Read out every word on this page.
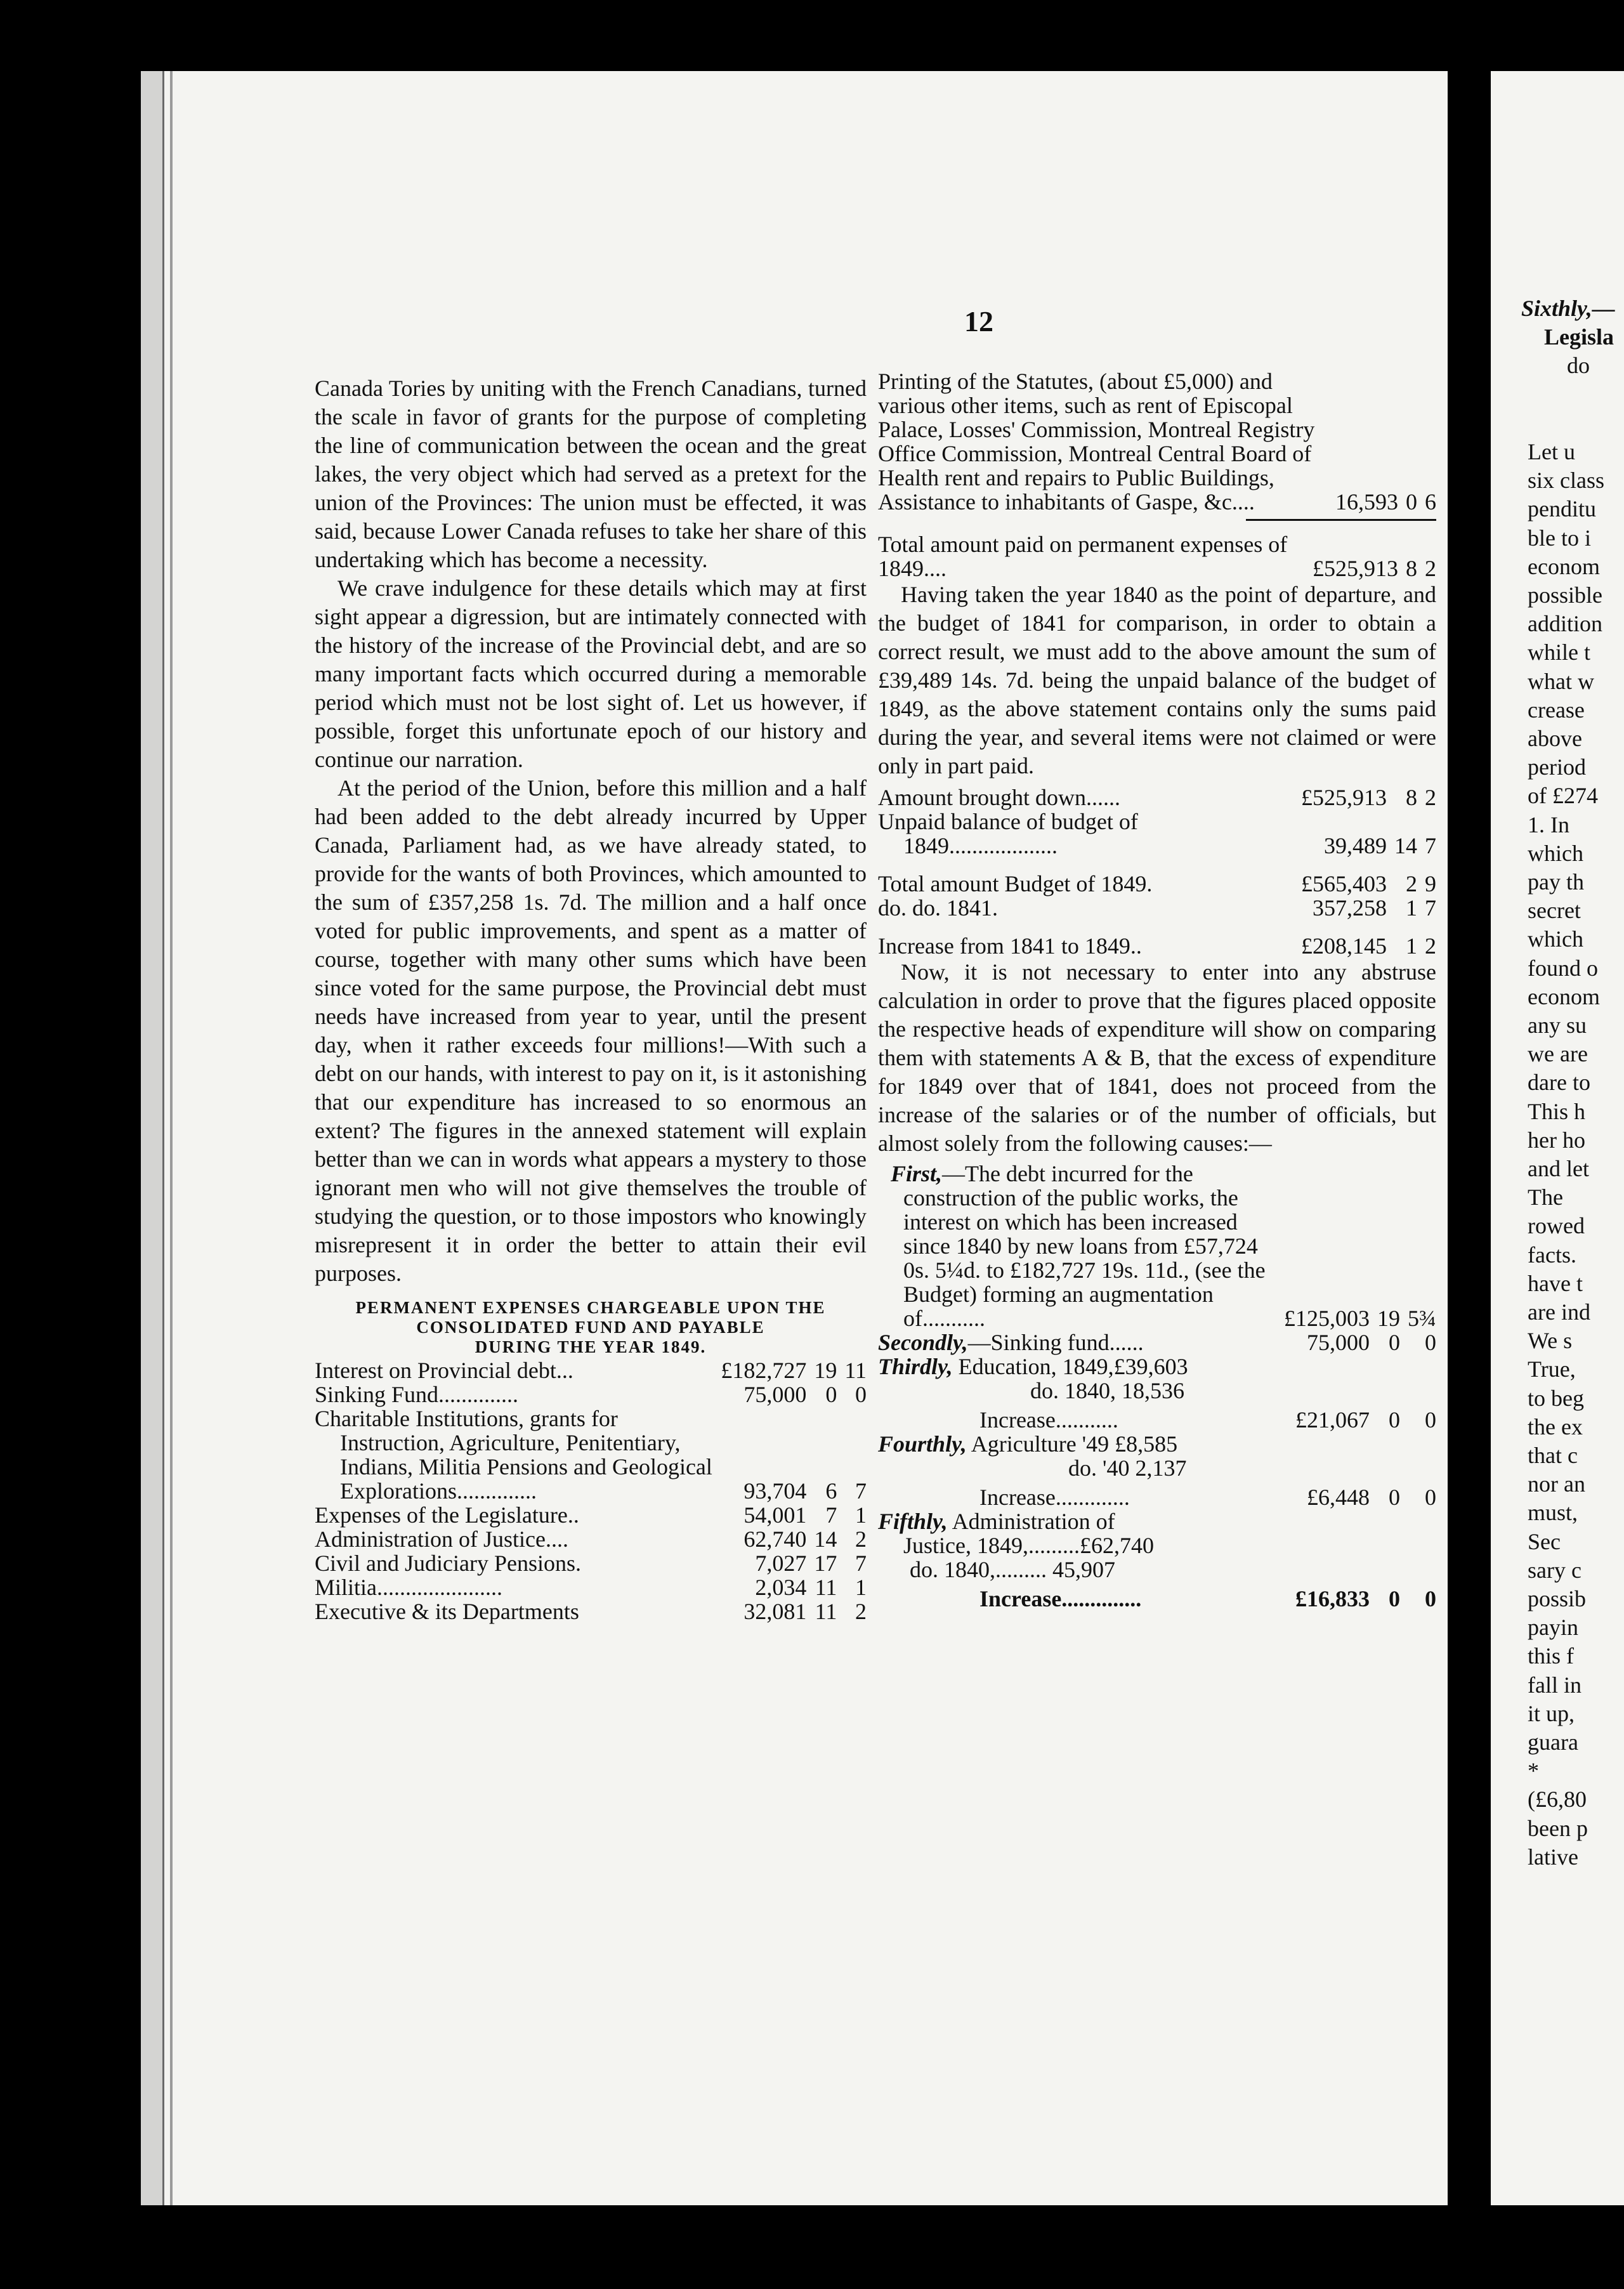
12

Canada Tories by uniting with the French Canadians, turned the scale in favor of grants for the purpose of completing the line of communication between the ocean and the great lakes, the very object which had served as a pretext for the union of the Provinces: The union must be effected, it was said, because Lower Canada refuses to take her share of this undertaking which has become a necessity.

We crave indulgence for these details which may at first sight appear a digression, but are intimately connected with the history of the increase of the Provincial debt, and are so many important facts which occurred during a memorable period which must not be lost sight of. Let us however, if possible, forget this unfortunate epoch of our history and continue our narration.

At the period of the Union, before this million and a half had been added to the debt already incurred by Upper Canada, Parliament had, as we have already stated, to provide for the wants of both Provinces, which amounted to the sum of £357,258 1s. 7d. The million and a half once voted for public improvements, and spent as a matter of course, together with many other sums which have been since voted for the same purpose, the Provincial debt must needs have increased from year to year, until the present day, when it rather exceeds four millions!—With such a debt on our hands, with interest to pay on it, is it astonishing that our expenditure has increased to so enormous an extent? The figures in the annexed statement will explain better than we can in words what appears a mystery to those ignorant men who will not give themselves the trouble of studying the question, or to those impostors who knowingly misrepresent it in order the better to attain their evil purposes.

PERMANENT EXPENSES CHARGEABLE UPON THE
CONSOLIDATED FUND AND PAYABLE
DURING THE YEAR 1849.
Interest on Provincial debt...	£182,727	19	11
Sinking Fund..............	75,000	0	0
Charitable Institutions, grants for Instruction, Agriculture, Penitentiary, Indians, Militia Pensions and Geological Explorations..............	93,704	6	7
Expenses of the Legislature..	54,001	7	1
Administration of Justice....	62,740	14	2
Civil and Judiciary Pensions.	7,027	17	7
Militia......................	2,034	11	1
Executive & its Departments	32,081	11	2
Printing of the Statutes, (about £5,000) and various other items, such as rent of Episcopal Palace, Losses' Commission, Montreal Registry Office Commission, Montreal Central Board of Health rent and repairs to Public Buildings, Assistance to inhabitants of Gaspe, &c....	16,593	0	6
Total amount paid on permanent expenses of 1849....	£525,913	8	2

Having taken the year 1840 as the point of departure, and the budget of 1841 for comparison, in order to obtain a correct result, we must add to the above amount the sum of £39,489 14s. 7d. being the unpaid balance of the budget of 1849, as the above statement contains only the sums paid during the year, and several items were not claimed or were only in part paid.

Amount brought down......	£525,913	8	2
Unpaid balance of budget of 1849...................	39,489	14	7
Total amount Budget of 1849.	£565,403	2	9
do. do. 1841.	357,258	1	7
Increase from 1841 to 1849..	£208,145	1	2

Now, it is not necessary to enter into any abstruse calculation in order to prove that the figures placed opposite the respective heads of expenditure will show on comparing them with statements A & B, that the excess of expenditure for 1849 over that of 1841, does not proceed from the increase of the salaries or of the number of officials, but almost solely from the following causes:—

First,—The debt incurred for the construction of the public works, the interest on which has been increased since 1840 by new loans from £57,724 0s. 5¼d. to £182,727 19s. 11d., (see the Budget) forming an augmentation of...........	£125,003	19	5¾
Secondly,—Sinking fund......	75,000	0	0
Thirdly, Education, 1849,£39,603			
do. 1840, 18,536			
Increase...........	£21,067	0	0
Fourthly, Agriculture '49 £8,585			
do. '40 2,137			
Increase.............	£6,448	0	0
Fifthly, Administration of			
Justice, 1849,.........£62,740			
do. 1840,......... 45,907			
Increase..............	£16,833	0	0
Sixthly,—
Legisla
do
Let u
six class
penditu
ble to i
econom
possible
addition
while t
what w
crease
above
period
of £274
1. In
which
pay th
secret
which
found o
econom
any su
we are
dare to
This h
her ho
and let
The
rowed
facts.
have t
are ind
We s
True,
to beg
the ex
that c
nor an
must,
Sec
sary c
possib
payin
this f
fall in
it up,
guara
*
(£6,80
been p
lative
